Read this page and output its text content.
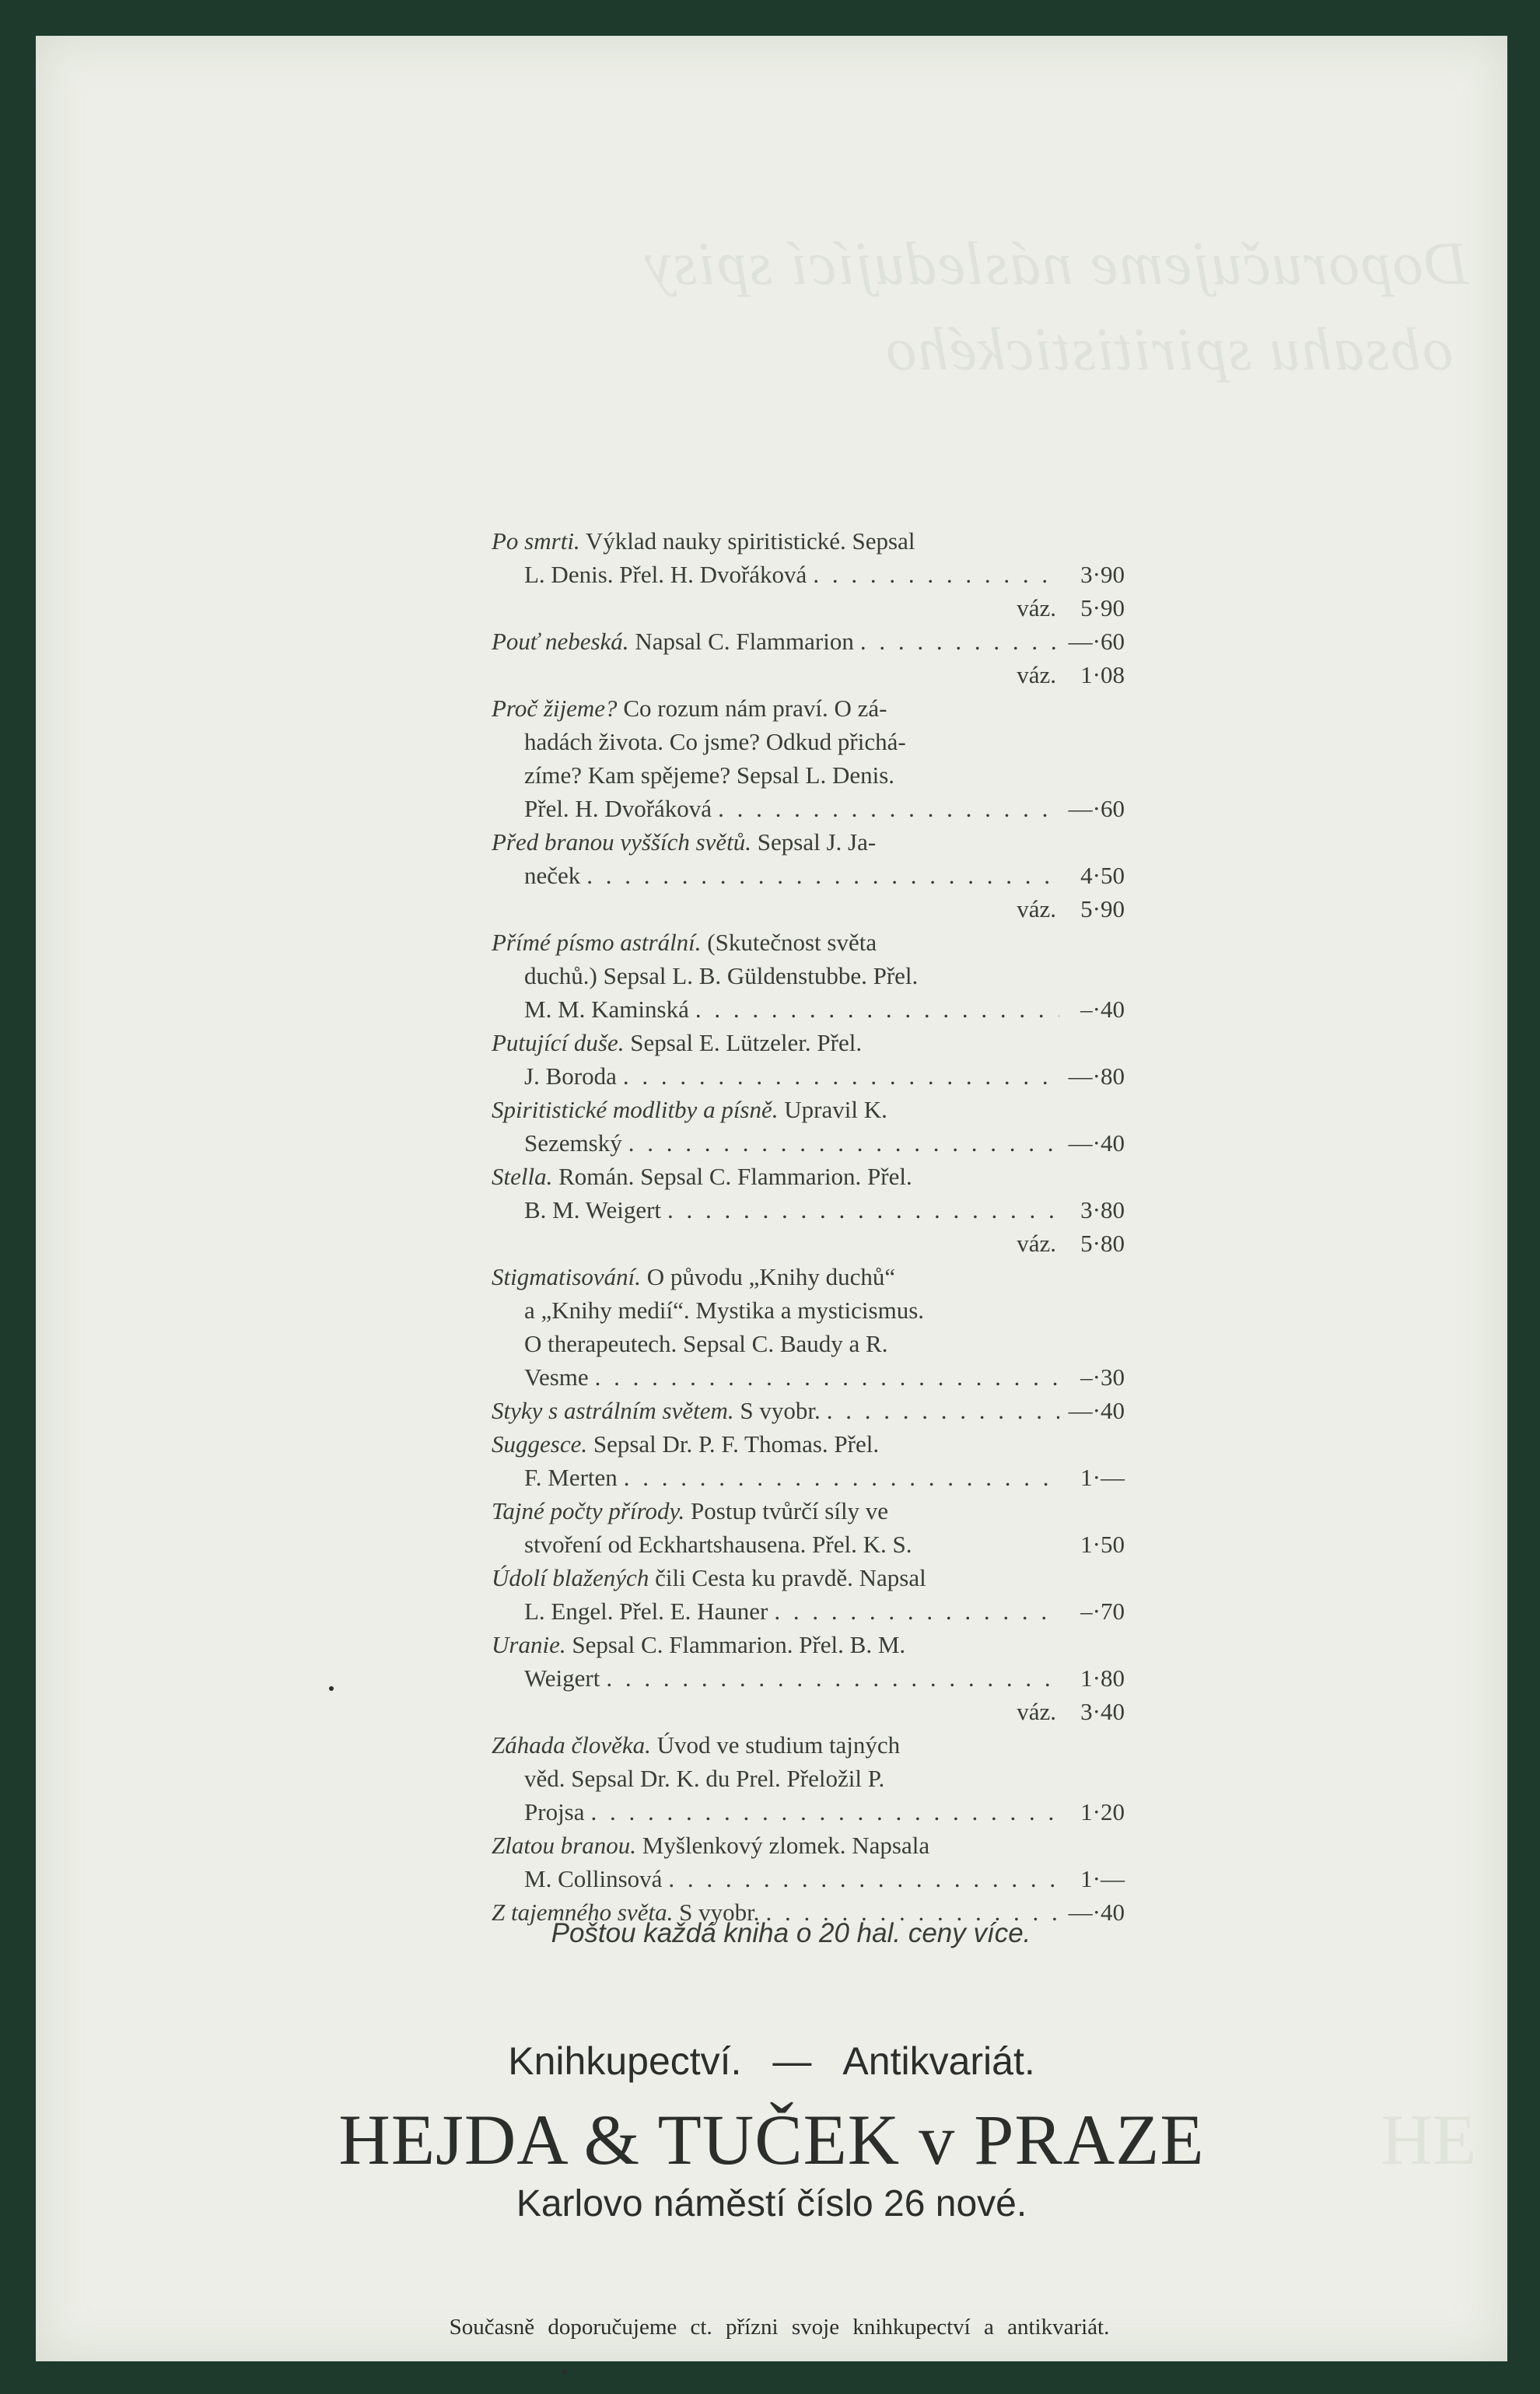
Doporučujeme následující spisy
obsahu spiritistického
Po smrti. Výklad nauky spiritistické. Sepsal
L. Denis. Přel. H. Dvořáková . . .	3·90
váz.	5·90
Pouť nebeská. Napsal C. Flammarion . . .	—·60
váz.	1·08
Proč žijeme? Co rozum nám praví. O zá-
hadách života. Co jsme? Odkud přichá-
zíme? Kam spějeme? Sepsal L. Denis.
Přel. H. Dvořáková . . .	—·60
Před branou vyšších světů. Sepsal J. Ja-
neček . . .	4·50
váz.	5·90
Přímé písmo astrální. (Skutečnost světa
duchů.) Sepsal L. B. Güldenstubbe. Přel.
M. M. Kaminská . . .	–·40
Putující duše. Sepsal E. Lützeler. Přel.
J. Boroda . . .	—·80
Spiritistické modlitby a písně. Upravil K.
Sezemský . . .	—·40
Stella. Román. Sepsal C. Flammarion. Přel.
B. M. Weigert . . .	3·80
váz.	5·80
Stigmatisování. O původu „Knihy duchů“
a „Knihy medií“. Mystika a mysticismus.
O therapeutech. Sepsal C. Baudy a R.
Vesme . . .	–·30
Styky s astrálním světem. S vyobr. . . .	—·40
Suggesce. Sepsal Dr. P. F. Thomas. Přel.
F. Merten . . .	1·—
Tajné počty přírody. Postup tvůrčí síly ve
stvoření od Eckhartshausena. Přel. K. S.	1·50
Údolí blažených čili Cesta ku pravdě. Napsal
L. Engel. Přel. E. Hauner . . .	–·70
Uranie. Sepsal C. Flammarion. Přel. B. M.
Weigert . . .	1·80
váz.	3·40
Záhada člověka. Úvod ve studium tajných
věd. Sepsal Dr. K. du Prel. Přeložil P.
Projsa . . .	1·20
Zlatou branou. Myšlenkový zlomek. Napsala
M. Collinsová . . .	1·—
Z tajemného světa. S vyobr. . . .	—·40
Poštou každá kniha o 20 hal. ceny více.
Knihkupectví. — Antikvariát.
HE
HEJDA & TUČEK v PRAZE
Karlovo náměstí číslo 26 nové.
Současně doporučujeme ct. přízni svoje knihkupectví a antikvariát.
